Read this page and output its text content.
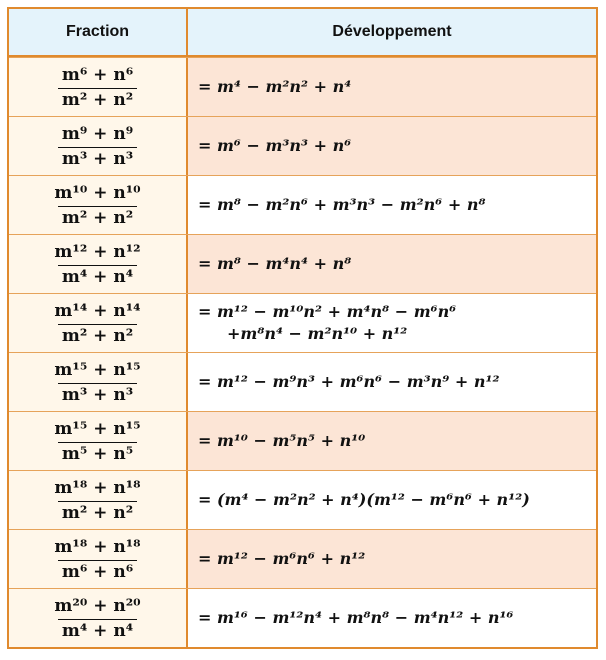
Fraction	Développement
$\frac{\text{m⁶ + n⁶}}{\text{m² + n²}}$	= m⁴ − m²n² + n⁴
$\frac{\text{m⁹ + n⁹}}{\text{m³ + n³}}$	= m⁶ − m³n³ + n⁶
$\frac{\text{m¹⁰ + n¹⁰}}{\text{m² + n²}}$	= m⁸ − m²n⁶ + m³n³ − m²n⁶ + n⁸
$\frac{\text{m¹² + n¹²}}{\text{m⁴ + n⁴}}$	= m⁸ − m⁴n⁴ + n⁸
$\frac{\text{m¹⁴ + n¹⁴}}{\text{m² + n²}}$	= m¹² − m¹⁰n² + m⁴n⁸ − m⁶n⁶
+m⁸n⁴ − m²n¹⁰ + n¹²
$\frac{\text{m¹⁵ + n¹⁵}}{\text{m³ + n³}}$	= m¹² − m⁹n³ + m⁶n⁶ − m³n⁹ + n¹²
$\frac{\text{m¹⁵ + n¹⁵}}{\text{m⁵ + n⁵}}$	= m¹⁰ − m⁵n⁵ + n¹⁰
$\frac{\text{m¹⁸ + n¹⁸}}{\text{m² + n²}}$	= (m⁴ − m²n² + n⁴)(m¹² − m⁶n⁶ + n¹²)
$\frac{\text{m¹⁸ + n¹⁸}}{\text{m⁶ + n⁶}}$	= m¹² − m⁶n⁶ + n¹²
$\frac{\text{m²⁰ + n²⁰}}{\text{m⁴ + n⁴}}$	= m¹⁶ − m¹²n⁴ + m⁸n⁸ − m⁴n¹² + n¹⁶
